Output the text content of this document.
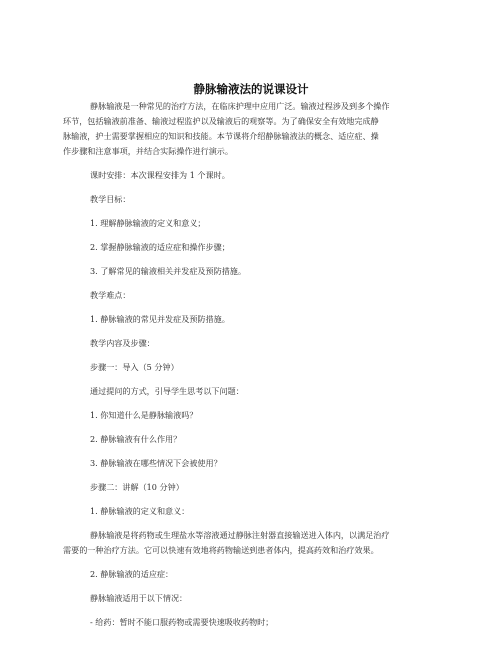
静脉输液法的说课设计
静脉输液是一种常见的治疗方法，在临床护理中应用广泛。输液过程涉及到多个操作
环节，包括输液前准备、输液过程监护以及输液后的观察等。为了确保安全有效地完成静
脉输液，护士需要掌握相应的知识和技能。本节课将介绍静脉输液法的概念、适应症、操
作步骤和注意事项，并结合实际操作进行演示。
课时安排：本次课程安排为 1 个课时。
教学目标：
1. 理解静脉输液的定义和意义；
2. 掌握静脉输液的适应症和操作步骤；
3. 了解常见的输液相关并发症及预防措施。
教学难点：
1. 静脉输液的常见并发症及预防措施。
教学内容及步骤：
步骤一：导入（5 分钟）
通过提问的方式，引导学生思考以下问题：
1. 你知道什么是静脉输液吗？
2. 静脉输液有什么作用？
3. 静脉输液在哪些情况下会被使用？
步骤二：讲解（10 分钟）
1. 静脉输液的定义和意义：
静脉输液是将药物或生理盐水等溶液通过静脉注射器直接输送进入体内，以满足治疗
需要的一种治疗方法。它可以快速有效地将药物输送到患者体内，提高药效和治疗效果。
2. 静脉输液的适应症：
静脉输液适用于以下情况：
- 给药：暂时不能口服药物或需要快速吸收药物时；
